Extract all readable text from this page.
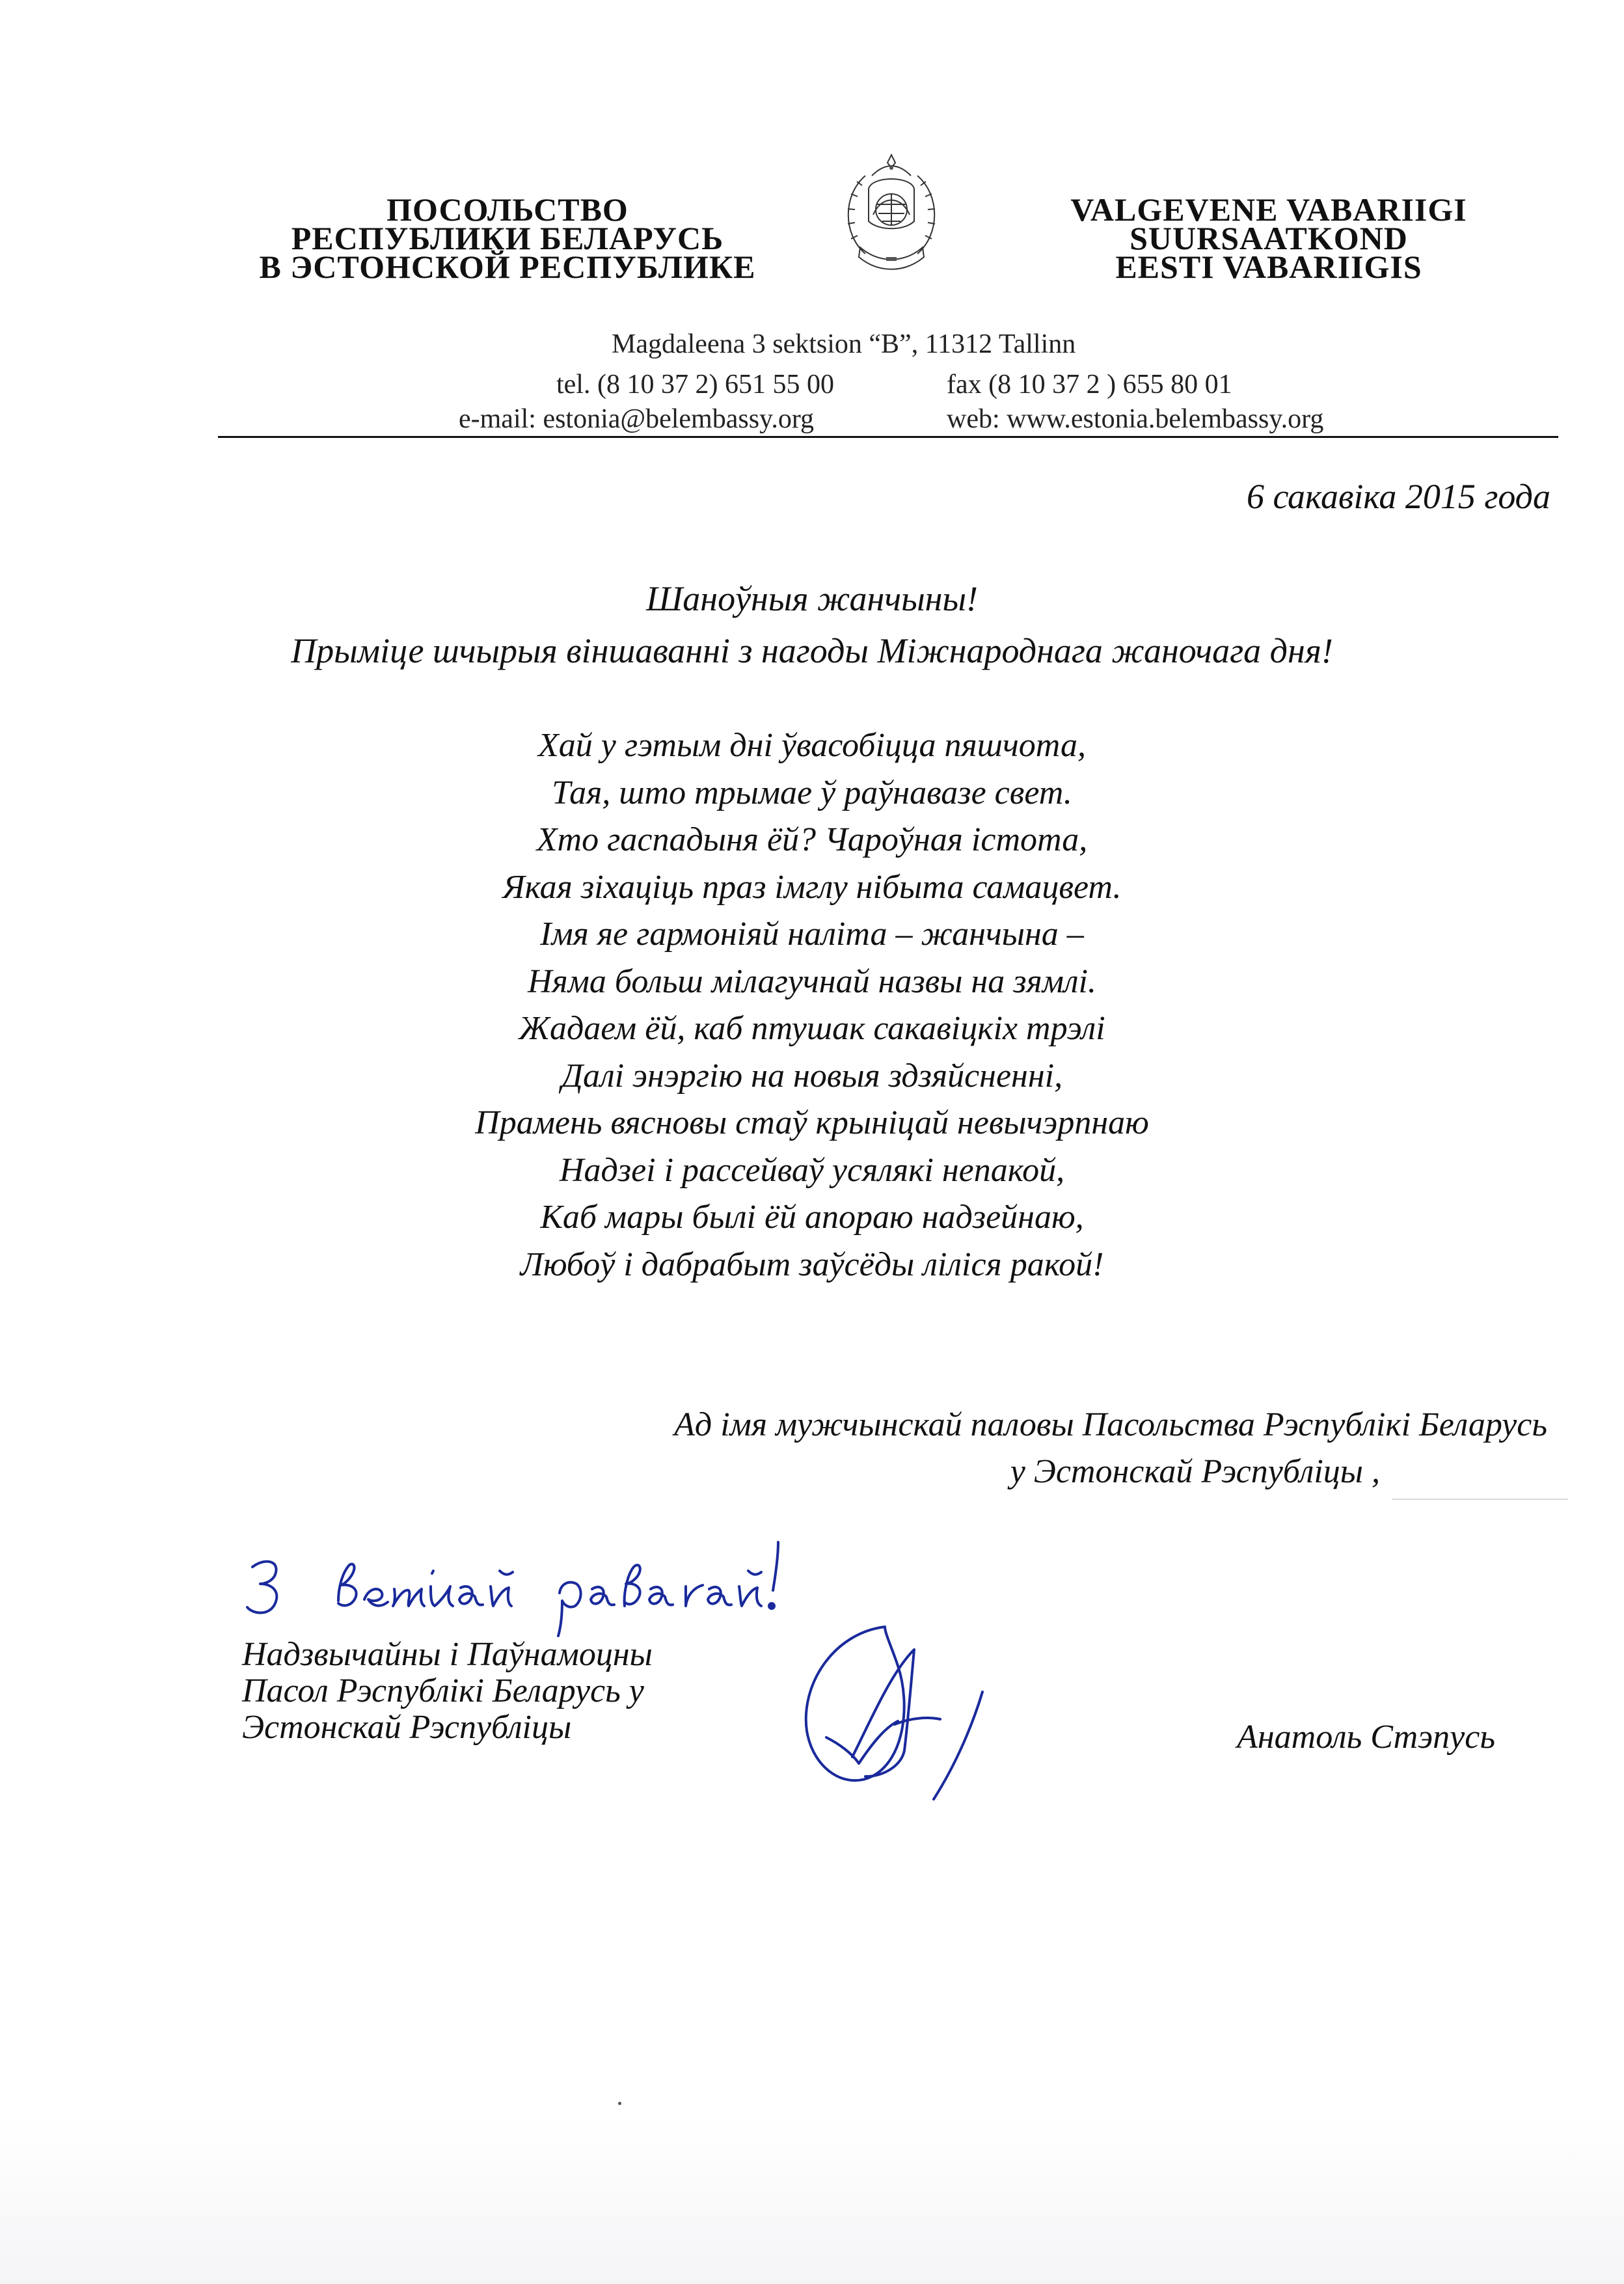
ПОСОЛЬСТВО
РЕСПУБЛИКИ БЕЛАРУСЬ
В ЭСТОНСКОЙ РЕСПУБЛИКЕ
VALGEVENE VABARIIGI
SUURSAATKOND
EESTI VABARIIGIS
Magdaleena 3 sektsion “B”, 11312 Tallinn
tel. (8 10 37 2) 651 55 00	fax (8 10 37 2 ) 655 80 01
e-mail: estonia@belembassy.org	web: www.estonia.belembassy.org
6 сакавіка 2015 года
Шаноўныя жанчыны!
Прыміце шчырыя віншаванні з нагоды Міжнароднага жаночага дня!
Хай у гэтым дні ўвасобіцца пяшчота,
Тая, што трымае ў раўнавазе свет.
Хто гаспадыня ёй? Чароўная істота,
Якая зіхаціць праз імглу нібыта самацвет.
Імя яе гармоніяй наліта – жанчына –
Няма больш мілагучнай назвы на зямлі.
Жадаем ёй, каб птушак сакавіцкіх трэлі
Далі энэргію на новыя здзяйсненні,
Прамень вясновы стаў крыніцай невычэрпнаю
Надзеі і рассейваў усялякі непакой,
Каб мары былі ёй апораю надзейнаю,
Любоў і дабрабыт заўсёды ліліся ракой!
Ад імя мужчынскай паловы Пасольства Рэспублікі Беларусь
у Эстонскай Рэспубліцы ,
Надзвычайны і Паўнамоцны
Пасол Рэспублікі Беларусь у
Эстонскай Рэспубліцы	Анатоль Стэпусь
